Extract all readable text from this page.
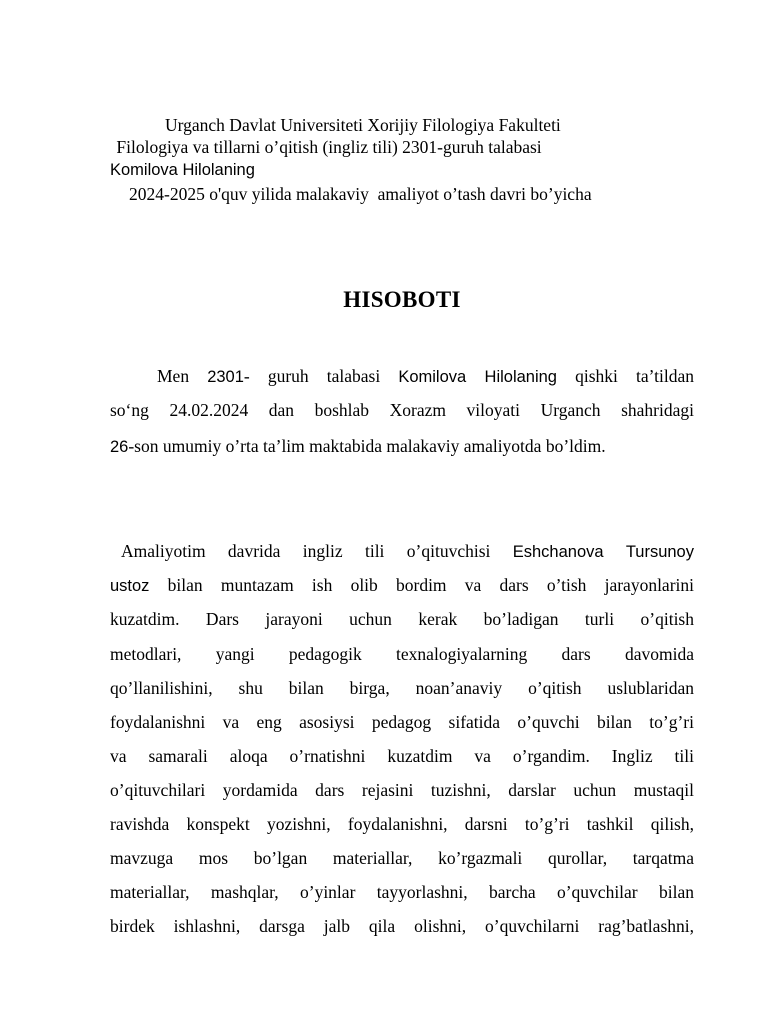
Urganch Davlat Universiteti Xorijiy Filologiya Fakulteti
Filologiya va tillarni o’qitish (ingliz tili) 2301-guruh talabasi
Komilova Hilolaning
2024-2025 o'quv yilida malakaviy  amaliyot o’tash davri bo’yicha
HISOBOTI
Men 2301- guruh talabasi Komilova Hilolaning qishki ta’tildan
so‘ng 24.02.2024 dan boshlab Xorazm viloyati Urganch shahridagi
26-son umumiy o’rta ta’lim maktabida malakaviy amaliyotda bo’ldim.
Amaliyotim davrida ingliz tili o’qituvchisi Eshchanova Tursunoy
ustoz bilan muntazam ish olib bordim va dars o’tish jarayonlarini
kuzatdim. Dars jarayoni uchun kerak bo’ladigan turli o’qitish
metodlari, yangi pedagogik texnalogiyalarning dars davomida
qo’llanilishini, shu bilan birga, noan’anaviy o’qitish uslublaridan
foydalanishni va eng asosiysi pedagog sifatida o’quvchi bilan to’g’ri
va samarali aloqa o’rnatishni kuzatdim va o’rgandim. Ingliz tili
o’qituvchilari yordamida dars rejasini tuzishni, darslar uchun mustaqil
ravishda konspekt yozishni, foydalanishni, darsni to’g’ri tashkil qilish,
mavzuga mos bo’lgan materiallar, ko’rgazmali qurollar, tarqatma
materiallar, mashqlar, o’yinlar tayyorlashni, barcha o’quvchilar bilan
birdek ishlashni, darsga jalb qila olishni, o’quvchilarni rag’batlashni,
